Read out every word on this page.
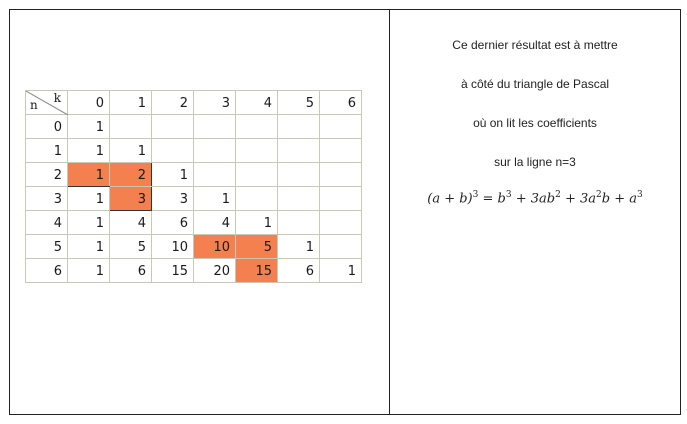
k
n	0	1	2	3	4	5	6
0	1						
1	1	1					
2	1	2	1				
3	1	3	3	1			
4	1	4	6	4	1		
5	1	5	10	10	5	1	
6	1	6	15	20	15	6	1
Ce dernier résultat est à mettre
à côté du triangle de Pascal
où on lit les coefficients
sur la ligne n=3
$(a + b)^3 = b^3 + 3ab^2 + 3a^2b + a^3$
